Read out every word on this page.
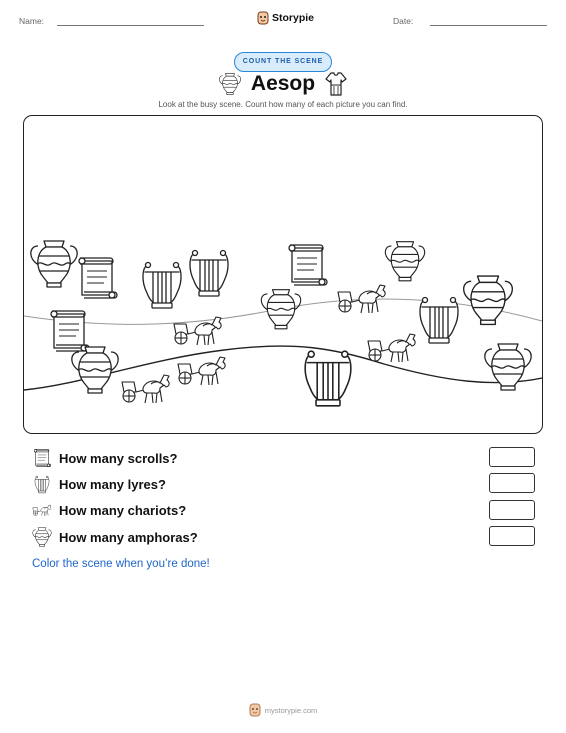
Name:	Storypie	Date:
COUNT THE SCENE
Aesop
Look at the busy scene. Count how many of each picture you can find.
How many scrolls?
How many lyres?
How many chariots?
How many amphoras?
Color the scene when you’re done!
mystorypie.com
